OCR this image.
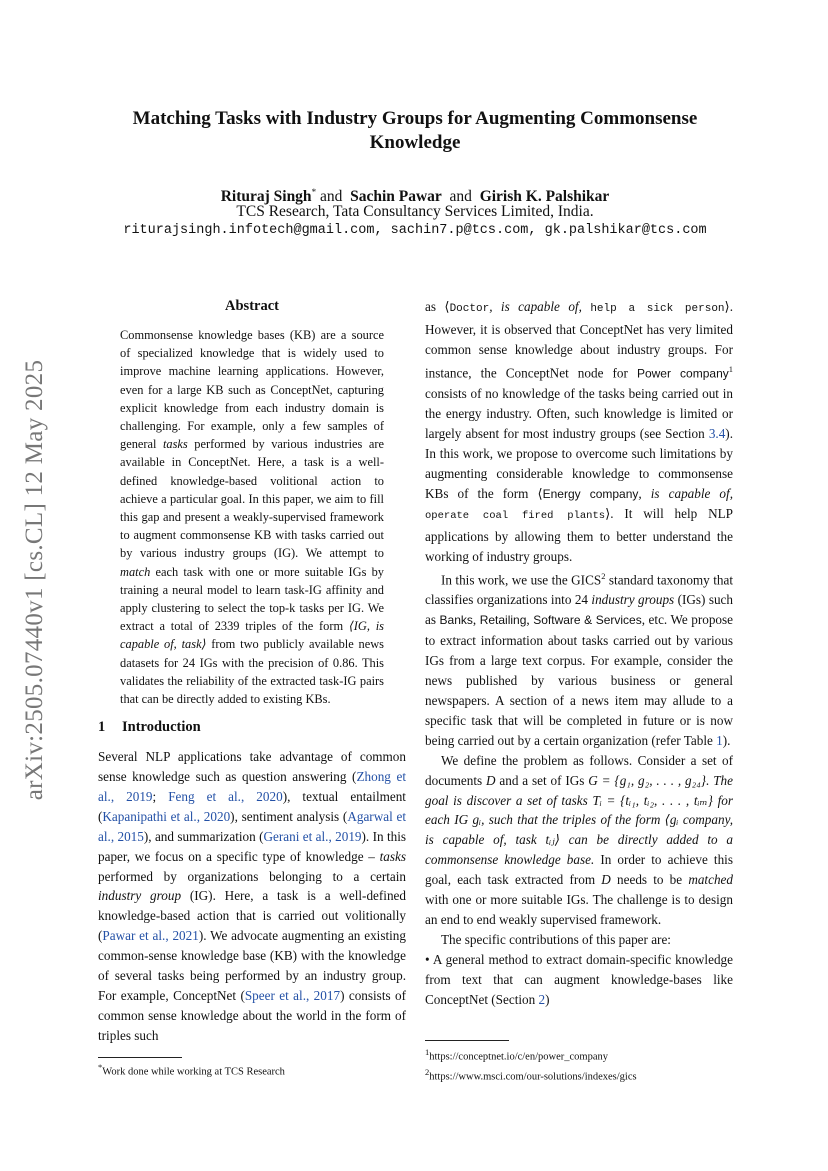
arXiv:2505.07440v1 [cs.CL] 12 May 2025
Matching Tasks with Industry Groups for Augmenting Commonsense
Knowledge
Rituraj Singh* and Sachin Pawar and Girish K. Palshikar
TCS Research, Tata Consultancy Services Limited, India.
riturajsingh.infotech@gmail.com, sachin7.p@tcs.com, gk.palshikar@tcs.com
Abstract
Commonsense knowledge bases (KB) are a source of specialized knowledge that is widely used to improve machine learning applications. However, even for a large KB such as ConceptNet, capturing explicit knowledge from each industry domain is challenging. For example, only a few samples of general tasks performed by various industries are available in ConceptNet. Here, a task is a well-defined knowledge-based volitional action to achieve a particular goal. In this paper, we aim to fill this gap and present a weakly-supervised framework to augment commonsense KB with tasks carried out by various industry groups (IG). We attempt to match each task with one or more suitable IGs by training a neural model to learn task-IG affinity and apply clustering to select the top-k tasks per IG. We extract a total of 2339 triples of the form ⟨IG, is capable of, task⟩ from two publicly available news datasets for 24 IGs with the precision of 0.86. This validates the reliability of the extracted task-IG pairs that can be directly added to existing KBs.
1 Introduction

Several NLP applications take advantage of common sense knowledge such as question answering (Zhong et al., 2019; Feng et al., 2020), textual entailment (Kapanipathi et al., 2020), sentiment analysis (Agarwal et al., 2015), and summarization (Gerani et al., 2019). In this paper, we focus on a specific type of knowledge – tasks performed by organizations belonging to a certain industry group (IG). Here, a task is a well-defined knowledge-based action that is carried out volitionally (Pawar et al., 2021). We advocate augmenting an existing common-sense knowledge base (KB) with the knowledge of several tasks being performed by an industry group. For example, ConceptNet (Speer et al., 2017) consists of common sense knowledge about the world in the form of triples such

*Work done while working at TCS Research

as ⟨Doctor, is capable of, help a sick person⟩. However, it is observed that ConceptNet has very limited common sense knowledge about industry groups. For instance, the ConceptNet node for Power company$^1$ consists of no knowledge of the tasks being carried out in the energy industry. Often, such knowledge is limited or largely absent for most industry groups (see Section 3.4). In this work, we propose to overcome such limitations by augmenting considerable knowledge to commonsense KBs of the form ⟨Energy company, is capable of, operate coal fired plants⟩. It will help NLP applications by allowing them to better understand the working of industry groups.

In this work, we use the GICS$^2$ standard taxonomy that classifies organizations into 24 industry groups (IGs) such as Banks, Retailing, Software & Services, etc. We propose to extract information about tasks carried out by various IGs from a large text corpus. For example, consider the news published by various business or general newspapers. A section of a news item may allude to a specific task that will be completed in future or is now being carried out by a certain organization (refer Table 1).

We define the problem as follows. Consider a set of documents D and a set of IGs G = {g₁, g₂, . . . , g₂₄}. The goal is discover a set of tasks Tᵢ = {tᵢ₁, tᵢ₂, . . . , tᵢₘ} for each IG gᵢ, such that the triples of the form ⟨gᵢ company, is capable of, task tᵢⱼ⟩ can be directly added to a commonsense knowledge base. In order to achieve this goal, each task extracted from D needs to be matched with one or more suitable IGs. The challenge is to design an end to end weakly supervised framework.

The specific contributions of this paper are:

• A general method to extract domain-specific knowledge from text that can augment knowledge-bases like ConceptNet (Section 2)

$^1$https://conceptnet.io/c/en/power_company
$^2$https://www.msci.com/our-solutions/indexes/gics
